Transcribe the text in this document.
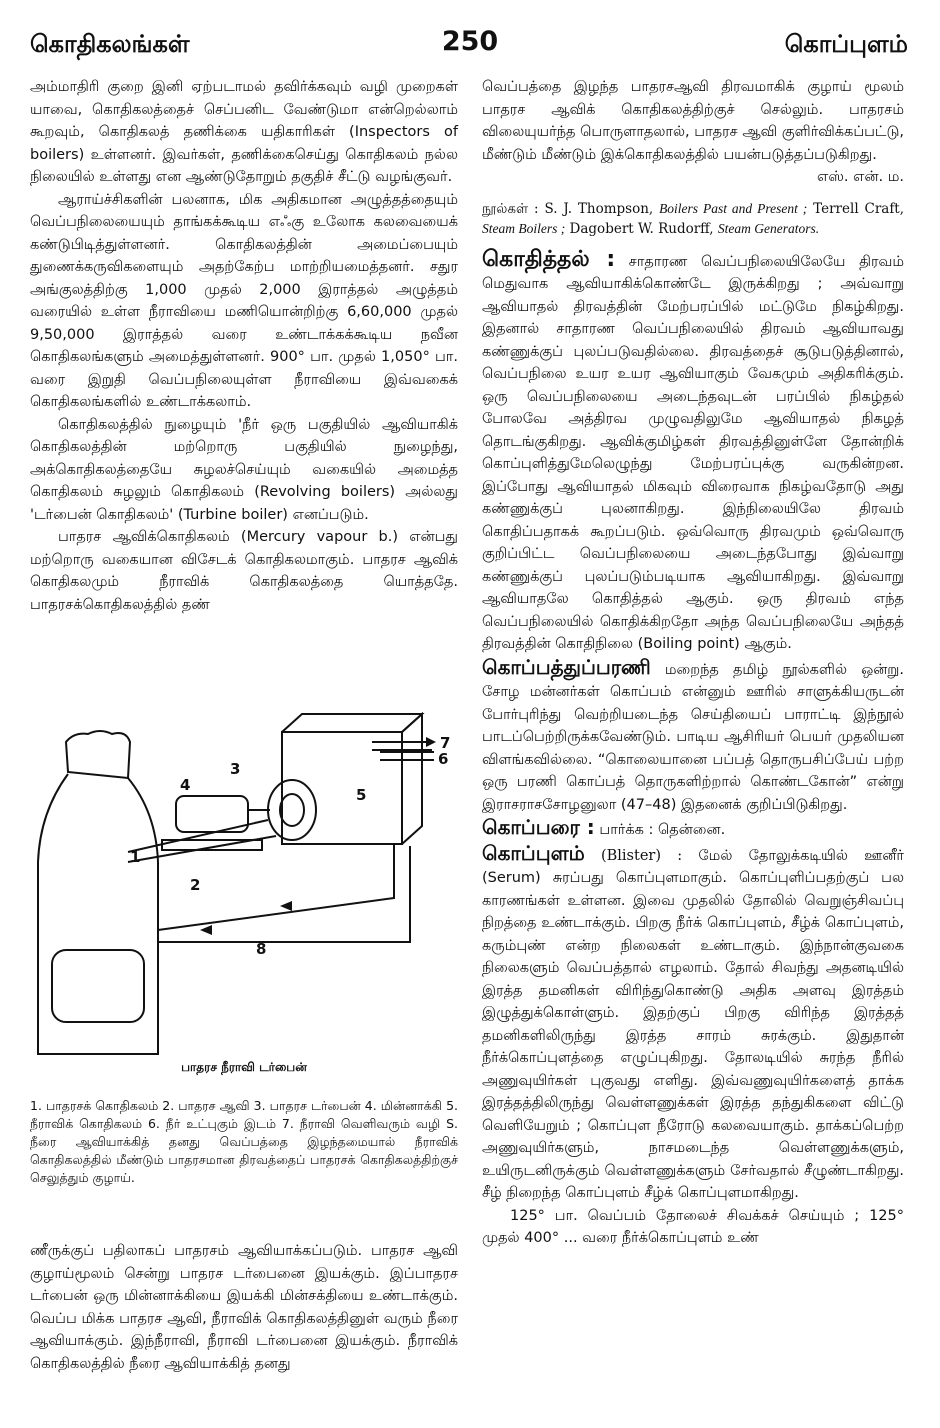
கொதிகலங்கள்	250	கொப்புளம்

அம்மாதிரி குறை இனி ஏற்படாமல் தவிர்க்கவும் வழி முறைகள் யாவை, கொதிகலத்தைச் செப்பனிட வேண்டுமா என்றெல்லாம் கூறவும், கொதிகலத் தணிக்கை யதிகாரிகள் (Inspectors of boilers) உள்ளனர். இவர்கள், தணிக்கைசெய்து கொதிகலம் நல்ல நிலையில் உள்ளது என ஆண்டுதோறும் தகுதிச் சீட்டு வழங்குவர்.

ஆராய்ச்சிகளின் பலனாக, மிக அதிகமான அழுத்தத்தையும் வெப்பநிலையையும் தாங்கக்கூடிய எஃகு உலோக கலவையைக் கண்டுபிடித்துள்ளனர். கொதிகலத்தின் அமைப்பையும் துணைக்கருவிகளையும் அதற்கேற்ப மாற்றியமைத்தனர். சதுர அங்குலத்திற்கு 1,000 முதல் 2,000 இராத்தல் அழுத்தம் வரையில் உள்ள நீராவியை மணியொன்றிற்கு 6,60,000 முதல் 9,50,000 இராத்தல் வரை உண்டாக்கக்கூடிய நவீன கொதிகலங்களும் அமைத்துள்ளனர். 900° பா. முதல் 1,050° பா. வரை இறுதி வெப்பநிலையுள்ள நீராவியை இவ்வகைக் கொதிகலங்களில் உண்டாக்கலாம்.

கொதிகலத்தில் நுழையும் 'நீர் ஒரு பகுதியில் ஆவியாகிக் கொதிகலத்தின் மற்றொரு பகுதியில் நுழைந்து, அக்கொதிகலத்தையே சுழலச்செய்யும் வகையில் அமைத்த கொதிகலம் சுழலும் கொதிகலம் (Revolving boilers) அல்லது 'டர்பைன் கொதிகலம்' (Turbine boiler) எனப்படும்.

பாதரச ஆவிக்கொதிகலம் (Mercury vapour b.) என்பது மற்றொரு வகையான விசேடக் கொதிகலமாகும். பாதரச ஆவிக் கொதிகலமும் நீராவிக் கொதிகலத்தை யொத்ததே. பாதரசக்கொதிகலத்தில் தண்

1
2
3
4
5
6
7
8
பாதரச நீராவி டர்பைன்
1. பாதரசக் கொதிகலம் 2. பாதரச ஆவி 3. பாதரச டர்பைன் 4. மின்னாக்கி 5. நீராவிக் கொதிகலம் 6. நீர் உட்புகும் இடம் 7. நீராவி வெளிவரும் வழி S. நீரை ஆவியாக்கித் தனது வெப்பத்தை இழந்தமையால் நீராவிக் கொதிகலத்தில் மீண்டும் பாதரசமான திரவத்தைப் பாதரசக் கொதிகலத்திற்குச் செலுத்தும் குழாய்.

ணீருக்குப் பதிலாகப் பாதரசம் ஆவியாக்கப்படும். பாதரச ஆவி குழாய்மூலம் சென்று பாதரச டர்பைனை இயக்கும். இப்பாதரச டர்பைன் ஒரு மின்னாக்கியை இயக்கி மின்சக்தியை உண்டாக்கும். வெப்ப மிக்க பாதரச ஆவி, நீராவிக் கொதிகலத்தினுள் வரும் நீரை ஆவியாக்கும். இந்நீராவி, நீராவி டர்பைனை இயக்கும். நீராவிக் கொதிகலத்தில் நீரை ஆவியாக்கித் தனது

வெப்பத்தை இழந்த பாதரசஆவி திரவமாகிக் குழாய் மூலம் பாதரச ஆவிக் கொதிகலத்திற்குச் செல்லும். பாதரசம் விலையுயர்ந்த பொருளாதலால், பாதரச ஆவி குளிர்விக்கப்பட்டு, மீண்டும் மீண்டும் இக்கொதிகலத்தில் பயன்படுத்தப்படுகிறது.

எஸ். என். ம.

நூல்கள் : S. J. Thompson, Boilers Past and Present ; Terrell Craft, Steam Boilers ; Dagobert W. Rudorff, Steam Generators.

கொதித்தல் : சாதாரண வெப்பநிலையிலேயே திரவம் மெதுவாக ஆவியாகிக்கொண்டே இருக்கிறது ; அவ்வாறு ஆவியாதல் திரவத்தின் மேற்பரப்பில் மட்டுமே நிகழ்கிறது. இதனால் சாதாரண வெப்பநிலையில் திரவம் ஆவியாவது கண்ணுக்குப் புலப்படுவதில்லை. திரவத்தைச் சூடுபடுத்தினால், வெப்பநிலை உயர உயர ஆவியாகும் வேகமும் அதிகரிக்கும். ஒரு வெப்பநிலையை அடைந்தவுடன் பரப்பில் நிகழ்தல் போலவே அத்திரவ முழுவதிலுமே ஆவியாதல் நிகழத் தொடங்குகிறது. ஆவிக்குமிழ்கள் திரவத்தினுள்ளே தோன்றிக் கொப்புளித்துமேலெழுந்து மேற்பரப்புக்கு வருகின்றன. இப்போது ஆவியாதல் மிகவும் விரைவாக நிகழ்வதோடு அது கண்ணுக்குப் புலனாகிறது. இந்நிலையிலே திரவம் கொதிப்பதாகக் கூறப்படும். ஒவ்வொரு திரவமும் ஒவ்வொரு குறிப்பிட்ட வெப்பநிலையை அடைந்தபோது இவ்வாறு கண்ணுக்குப் புலப்படும்படியாக ஆவியாகிறது. இவ்வாறு ஆவியாதலே கொதித்தல் ஆகும். ஒரு திரவம் எந்த வெப்பநிலையில் கொதிக்கிறதோ அந்த வெப்பநிலையே அந்தத் திரவத்தின் கொதிநிலை (Boiling point) ஆகும்.

கொப்பத்துப்பரணி மறைந்த தமிழ் நூல்களில் ஒன்று. சோழ மன்னர்கள் கொப்பம் என்னும் ஊரில் சாளுக்கியருடன் போர்புரிந்து வெற்றியடைந்த செய்தியைப் பாராட்டி இந்நூல் பாடப்பெற்றிருக்கவேண்டும். பாடிய ஆசிரியர் பெயர் முதலியன விளங்கவில்லை. “கொலையானை பப்பத் தொருபசிப்பேய் பற்ற ஒரு பரணி கொப்பத் தொருகளிற்றால் கொண்டகோன்” என்று இராசராசசோழனுலா (47–48) இதனைக் குறிப்பிடுகிறது.

கொப்பரை : பார்க்க : தென்னை.

கொப்புளம் (Blister) : மேல் தோலுக்கடியில் ஊனீர் (Serum) சுரப்பது கொப்புளமாகும். கொப்புளிப்பதற்குப் பல காரணங்கள் உள்ளன. இவை முதலில் தோலில் வெறுஞ்சிவப்பு நிறத்தை உண்டாக்கும். பிறகு நீர்க் கொப்புளம், சீழ்க் கொப்புளம், கரும்புண் என்ற நிலைகள் உண்டாகும். இந்நான்குவகை நிலைகளும் வெப்பத்தால் எழலாம். தோல் சிவந்து அதனடியில் இரத்த தமனிகள் விரிந்துகொண்டு அதிக அளவு இரத்தம் இழுத்துக்கொள்ளும். இதற்குப் பிறகு விரிந்த இரத்தத் தமனிகளிலிருந்து இரத்த சாரம் சுரக்கும். இதுதான் நீர்க்கொப்புளத்தை எழுப்புகிறது. தோலடியில் சுரந்த நீரில் அணுவுயிர்கள் புகுவது எளிது. இவ்வணுவுயிர்களைத் தாக்க இரத்தத்திலிருந்து வெள்ளணுக்கள் இரத்த தந்துகிகளை விட்டு வெளியேறும் ; கொப்புள நீரோடு கலவையாகும். தாக்கப்பெற்ற அணுவுயிர்களும், நாசமடைந்த வெள்ளணுக்களும், உயிருடனிருக்கும் வெள்ளணுக்களும் சேர்வதால் சீழுண்டாகிறது. சீழ் நிறைந்த கொப்புளம் சீழ்க் கொப்புளமாகிறது.

125° பா. வெப்பம் தோலைச் சிவக்கச் செய்யும் ; 125° முதல் 400° ... வரை நீர்க்கொப்புளம் உண்
